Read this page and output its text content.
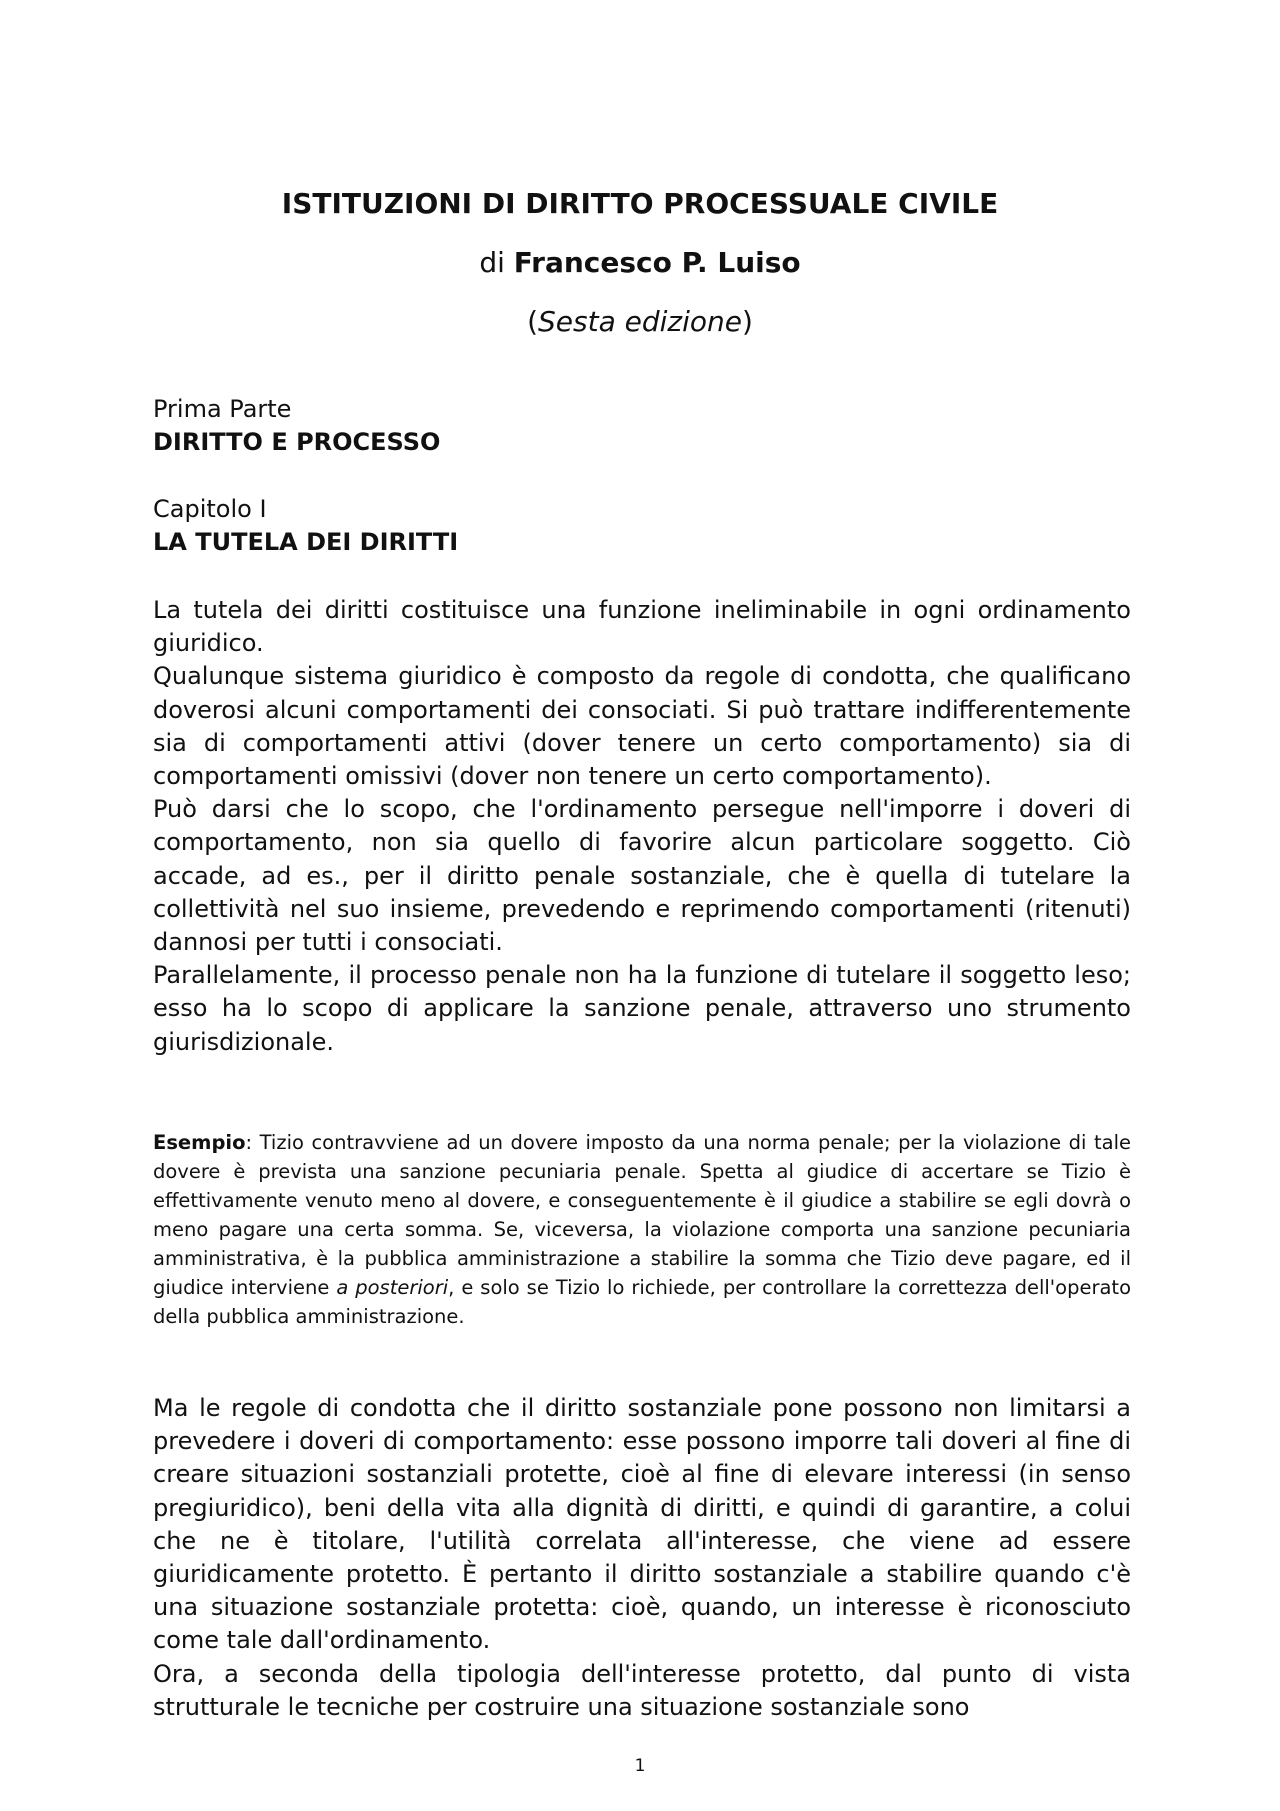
ISTITUZIONI DI DIRITTO PROCESSUALE CIVILE
di Francesco P. Luiso
(Sesta edizione)
Prima Parte
DIRITTO E PROCESSO
Capitolo I
LA TUTELA DEI DIRITTI

La tutela dei diritti costituisce una funzione ineliminabile in ogni ordinamento giuridico.

Qualunque sistema giuridico è composto da regole di condotta, che qualificano doverosi alcuni comportamenti dei consociati. Si può trattare indifferentemente sia di comportamenti attivi (dover tenere un certo comportamento) sia di comportamenti omissivi (dover non tenere un certo comportamento).

Può darsi che lo scopo, che l'ordinamento persegue nell'imporre i doveri di comportamento, non sia quello di favorire alcun particolare soggetto. Ciò accade, ad es., per il diritto penale sostanziale, che è quella di tutelare la collettività nel suo insieme, prevedendo e reprimendo comportamenti (ritenuti) dannosi per tutti i consociati.

Parallelamente, il processo penale non ha la funzione di tutelare il soggetto leso; esso ha lo scopo di applicare la sanzione penale, attraverso uno strumento giurisdizionale.

Esempio: Tizio contravviene ad un dovere imposto da una norma penale; per la violazione di tale dovere è prevista una sanzione pecuniaria penale. Spetta al giudice di accertare se Tizio è effettivamente venuto meno al dovere, e conseguentemente è il giudice a stabilire se egli dovrà o meno pagare una certa somma. Se, viceversa, la violazione comporta una sanzione pecuniaria amministrativa, è la pubblica amministrazione a stabilire la somma che Tizio deve pagare, ed il giudice interviene a posteriori, e solo se Tizio lo richiede, per controllare la correttezza dell'operato della pubblica amministrazione.

Ma le regole di condotta che il diritto sostanziale pone possono non limitarsi a prevedere i doveri di comportamento: esse possono imporre tali doveri al fine di creare situazioni sostanziali protette, cioè al fine di elevare interessi (in senso pregiuridico), beni della vita alla dignità di diritti, e quindi di garantire, a colui che ne è titolare, l'utilità correlata all'interesse, che viene ad essere giuridicamente protetto. È pertanto il diritto sostanziale a stabilire quando c'è una situazione sostanziale protetta: cioè, quando, un interesse è riconosciuto come tale dall'ordinamento.

Ora, a seconda della tipologia dell'interesse protetto, dal punto di vista strutturale le tecniche per costruire una situazione sostanziale sono

1
